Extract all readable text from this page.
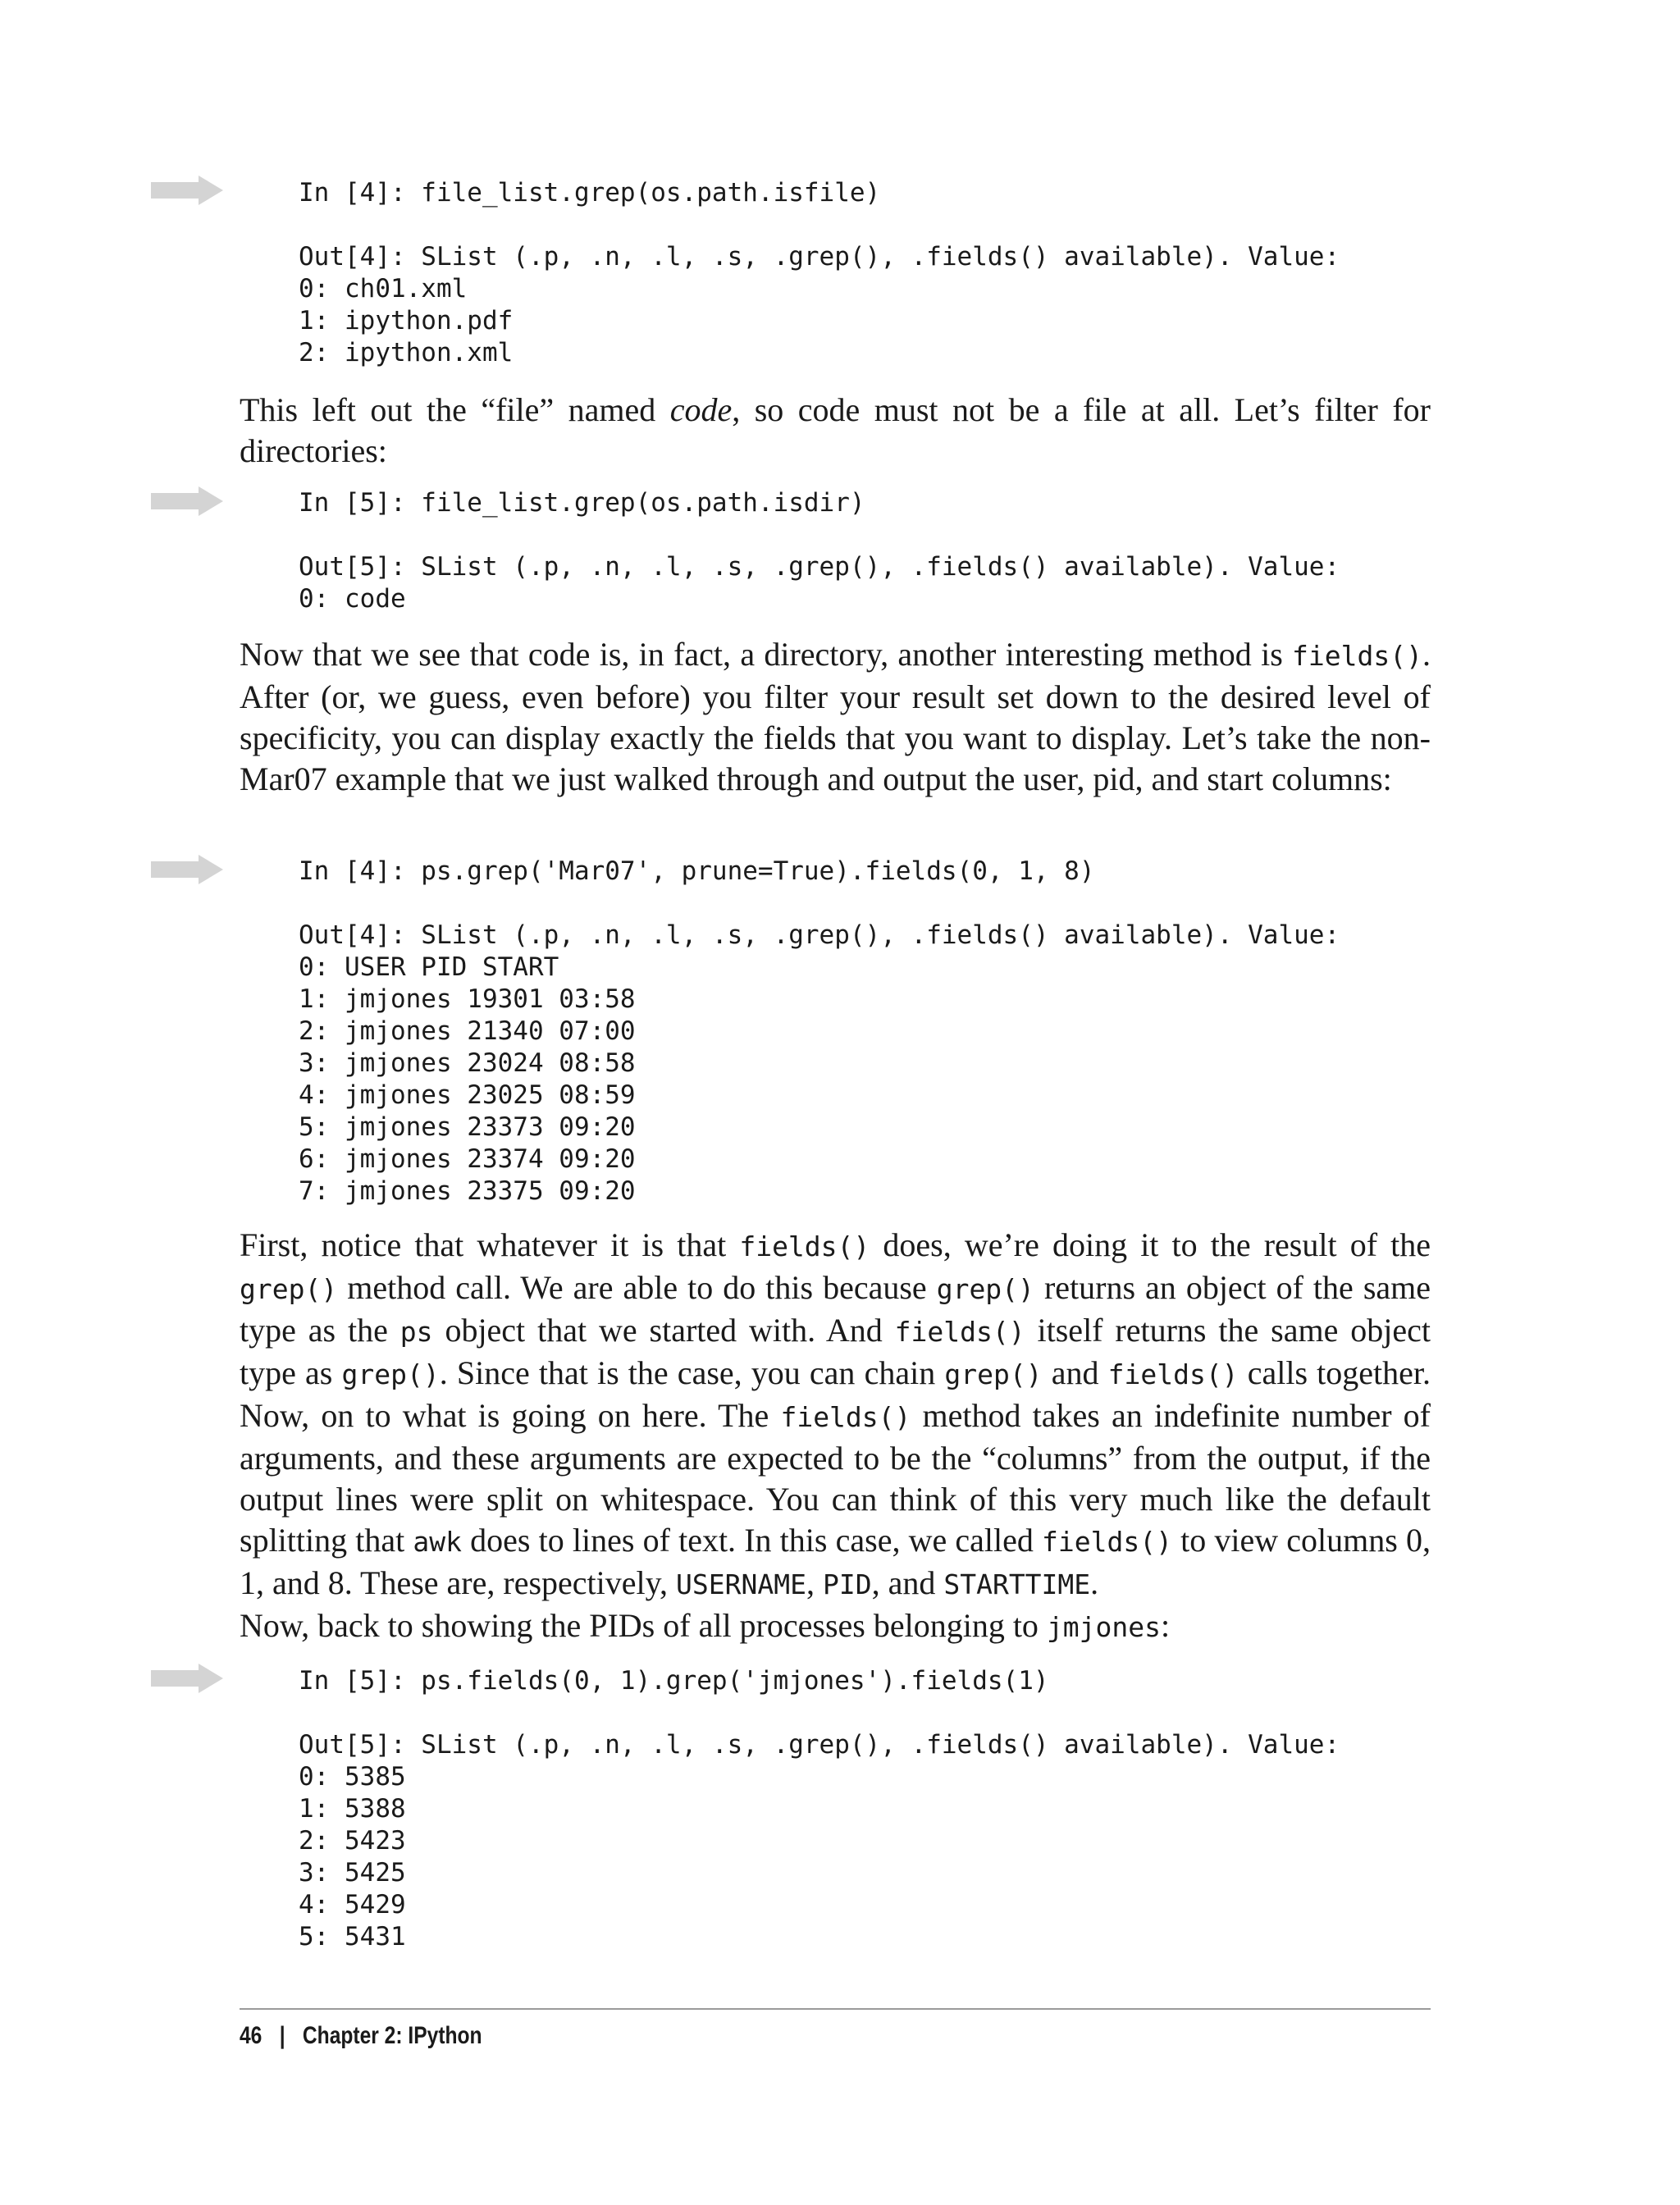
In [4]: file_list.grep(os.path.isfile)
Out[4]: SList (.p, .n, .l, .s, .grep(), .fields() available). Value:
0: ch01.xml
1: ipython.pdf
2: ipython.xml
This left out the “file” named code, so code must not be a file at all. Let’s filter for directories:
In [5]: file_list.grep(os.path.isdir)
Out[5]: SList (.p, .n, .l, .s, .grep(), .fields() available). Value:
0: code
Now that we see that code is, in fact, a directory, another interesting method is fields(). After (or, we guess, even before) you filter your result set down to the desired level of specificity, you can display exactly the fields that you want to display. Let’s take the non-Mar07 example that we just walked through and output the user, pid, and start columns:
In [4]: ps.grep('Mar07', prune=True).fields(0, 1, 8)
Out[4]: SList (.p, .n, .l, .s, .grep(), .fields() available). Value:
0: USER PID START
1: jmjones 19301 03:58
2: jmjones 21340 07:00
3: jmjones 23024 08:58
4: jmjones 23025 08:59
5: jmjones 23373 09:20
6: jmjones 23374 09:20
7: jmjones 23375 09:20
First, notice that whatever it is that fields() does, we’re doing it to the result of the grep() method call. We are able to do this because grep() returns an object of the same type as the ps object that we started with. And fields() itself returns the same object type as grep(). Since that is the case, you can chain grep() and fields() calls together. Now, on to what is going on here. The fields() method takes an indefinite number of arguments, and these arguments are expected to be the “columns” from the output, if the output lines were split on whitespace. You can think of this very much like the default splitting that awk does to lines of text. In this case, we called fields() to view columns 0, 1, and 8. These are, respectively, USERNAME, PID, and STARTTIME.
Now, back to showing the PIDs of all processes belonging to jmjones:
In [5]: ps.fields(0, 1).grep('jmjones').fields(1)
Out[5]: SList (.p, .n, .l, .s, .grep(), .fields() available). Value:
0: 5385
1: 5388
2: 5423
3: 5425
4: 5429
5: 5431
46 | Chapter 2: IPython
